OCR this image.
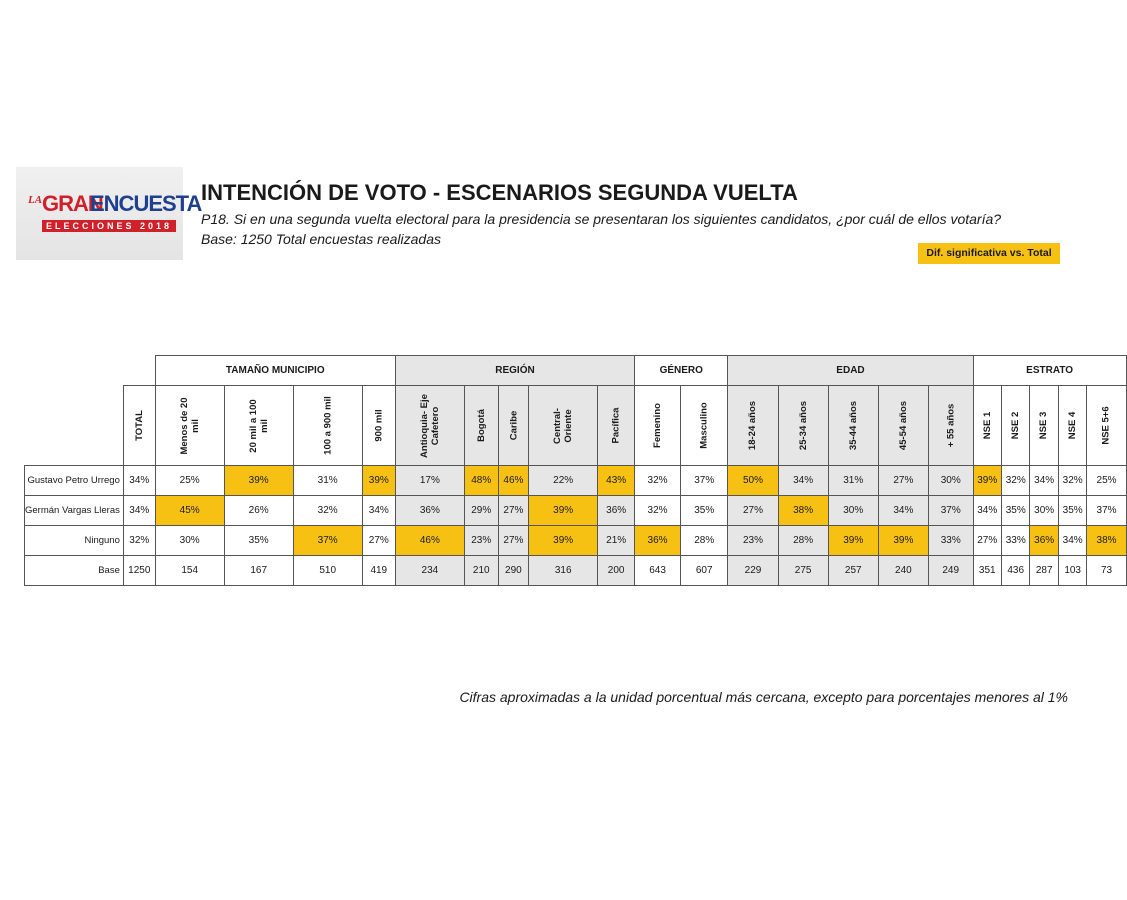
LA GRAN
ENCUESTA
ELECCIONES 2018
INTENCIÓN DE VOTO - ESCENARIOS SEGUNDA VUELTA
P18. Si en una segunda vuelta electoral para la presidencia se presentaran los siguientes candidatos, ¿por cuál de ellos votaría?
Base: 1250 Total encuestas realizadas
Dif. significativa vs. Total
		TAMAÑO MUNICIPIO				REGIÓN					GÉNERO		EDAD					ESTRATO				
	TOTAL	Menos de 20 mil	20 mil a 100 mil	100 a 900 mil	900 mil	Antioquia- Eje Cafetero	Bogotá	Caribe	Central-Oriente	Pacífica	Femenino	Masculino	18-24 años	25-34 años	35-44 años	45-54 años	+ 55 años	NSE 1	NSE 2	NSE 3	NSE 4	NSE 5+6
Gustavo Petro Urrego	34%	25%	39%	31%	39%	17%	48%	46%	22%	43%	32%	37%	50%	34%	31%	27%	30%	39%	32%	34%	32%	25%
Germán Vargas Lleras	34%	45%	26%	32%	34%	36%	29%	27%	39%	36%	32%	35%	27%	38%	30%	34%	37%	34%	35%	30%	35%	37%
Ninguno	32%	30%	35%	37%	27%	46%	23%	27%	39%	21%	36%	28%	23%	28%	39%	39%	33%	27%	33%	36%	34%	38%
Base	1250	154	167	510	419	234	210	290	316	200	643	607	229	275	257	240	249	351	436	287	103	73
Cifras aproximadas a la unidad porcentual más cercana, excepto para porcentajes menores al 1%
